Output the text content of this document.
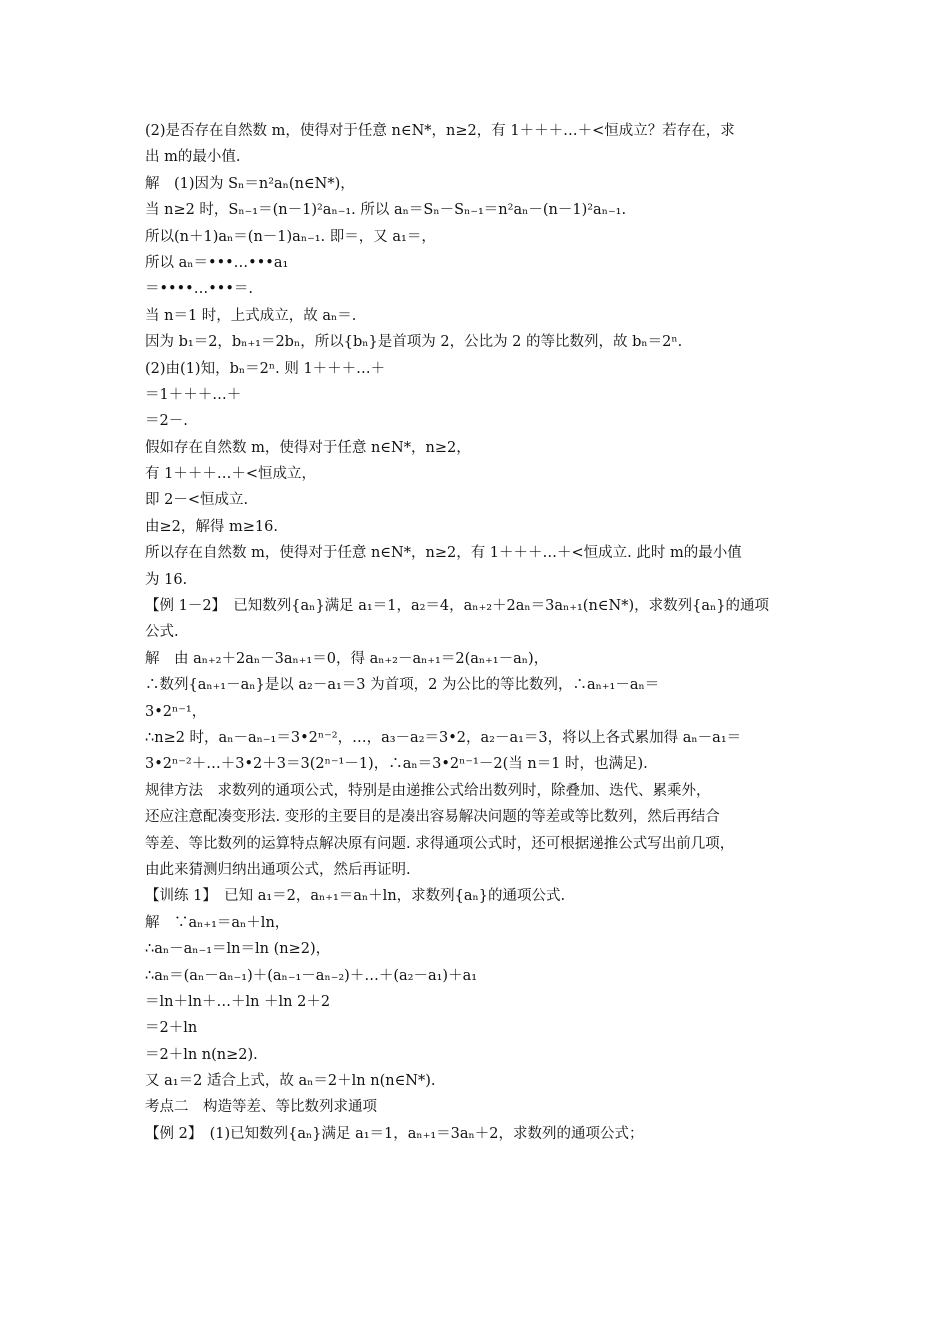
(2)是否存在自然数 m，使得对于任意 n∈N*，n≥2，有 1＋＋＋…＋<恒成立？若存在，求
出 m的最小值.
解　(1)因为 Sₙ＝n²aₙ(n∈N*)，
当 n≥2 时，Sₙ₋₁＝(n－1)²aₙ₋₁. 所以 aₙ＝Sₙ－Sₙ₋₁＝n²aₙ－(n－1)²aₙ₋₁.
所以(n＋1)aₙ＝(n－1)aₙ₋₁. 即＝，又 a₁＝，
所以 aₙ＝•••…•••a₁
＝••••…•••＝.
当 n＝1 时，上式成立，故 aₙ＝.
因为 b₁＝2，bₙ₊₁＝2bₙ，所以{bₙ}是首项为 2，公比为 2 的等比数列，故 bₙ＝2ⁿ.
(2)由(1)知，bₙ＝2ⁿ. 则 1＋＋＋…＋
＝1＋＋＋…＋
＝2－.
假如存在自然数 m，使得对于任意 n∈N*，n≥2，
有 1＋＋＋…＋<恒成立，
即 2－<恒成立.
由≥2，解得 m≥16.
所以存在自然数 m，使得对于任意 n∈N*，n≥2，有 1＋＋＋…＋<恒成立. 此时 m的最小值
为 16.
【例 1－2】　已知数列{aₙ}满足 a₁＝1，a₂＝4，aₙ₊₂＋2aₙ＝3aₙ₊₁(n∈N*)，求数列{aₙ}的通项
公式.
解　由 aₙ₊₂＋2aₙ－3aₙ₊₁＝0，得 aₙ₊₂－aₙ₊₁＝2(aₙ₊₁－aₙ)，
∴数列{aₙ₊₁－aₙ}是以 a₂－a₁＝3 为首项，2 为公比的等比数列，∴aₙ₊₁－aₙ＝
3•2ⁿ⁻¹，
∴n≥2 时，aₙ－aₙ₋₁＝3•2ⁿ⁻²，…，a₃－a₂＝3•2，a₂－a₁＝3，将以上各式累加得 aₙ－a₁＝
3•2ⁿ⁻²＋…＋3•2＋3＝3(2ⁿ⁻¹－1)，∴aₙ＝3•2ⁿ⁻¹－2(当 n＝1 时，也满足).
规律方法　求数列的通项公式，特别是由递推公式给出数列时，除叠加、迭代、累乘外，
还应注意配凑变形法. 变形的主要目的是凑出容易解决问题的等差或等比数列，然后再结合
等差、等比数列的运算特点解决原有问题. 求得通项公式时，还可根据递推公式写出前几项，
由此来猜测归纳出通项公式，然后再证明.
【训练 1】　已知 a₁＝2，aₙ₊₁＝aₙ＋ln，求数列{aₙ}的通项公式.
解　∵aₙ₊₁＝aₙ＋ln，
∴aₙ－aₙ₋₁＝ln＝ln (n≥2)，
∴aₙ＝(aₙ－aₙ₋₁)＋(aₙ₋₁－aₙ₋₂)＋…＋(a₂－a₁)＋a₁
＝ln＋ln＋…＋ln ＋ln 2＋2
＝2＋ln
＝2＋ln n(n≥2).
又 a₁＝2 适合上式，故 aₙ＝2＋ln n(n∈N*).
考点二　构造等差、等比数列求通项
【例 2】　(1)已知数列{aₙ}满足 a₁＝1，aₙ₊₁＝3aₙ＋2，求数列的通项公式；
